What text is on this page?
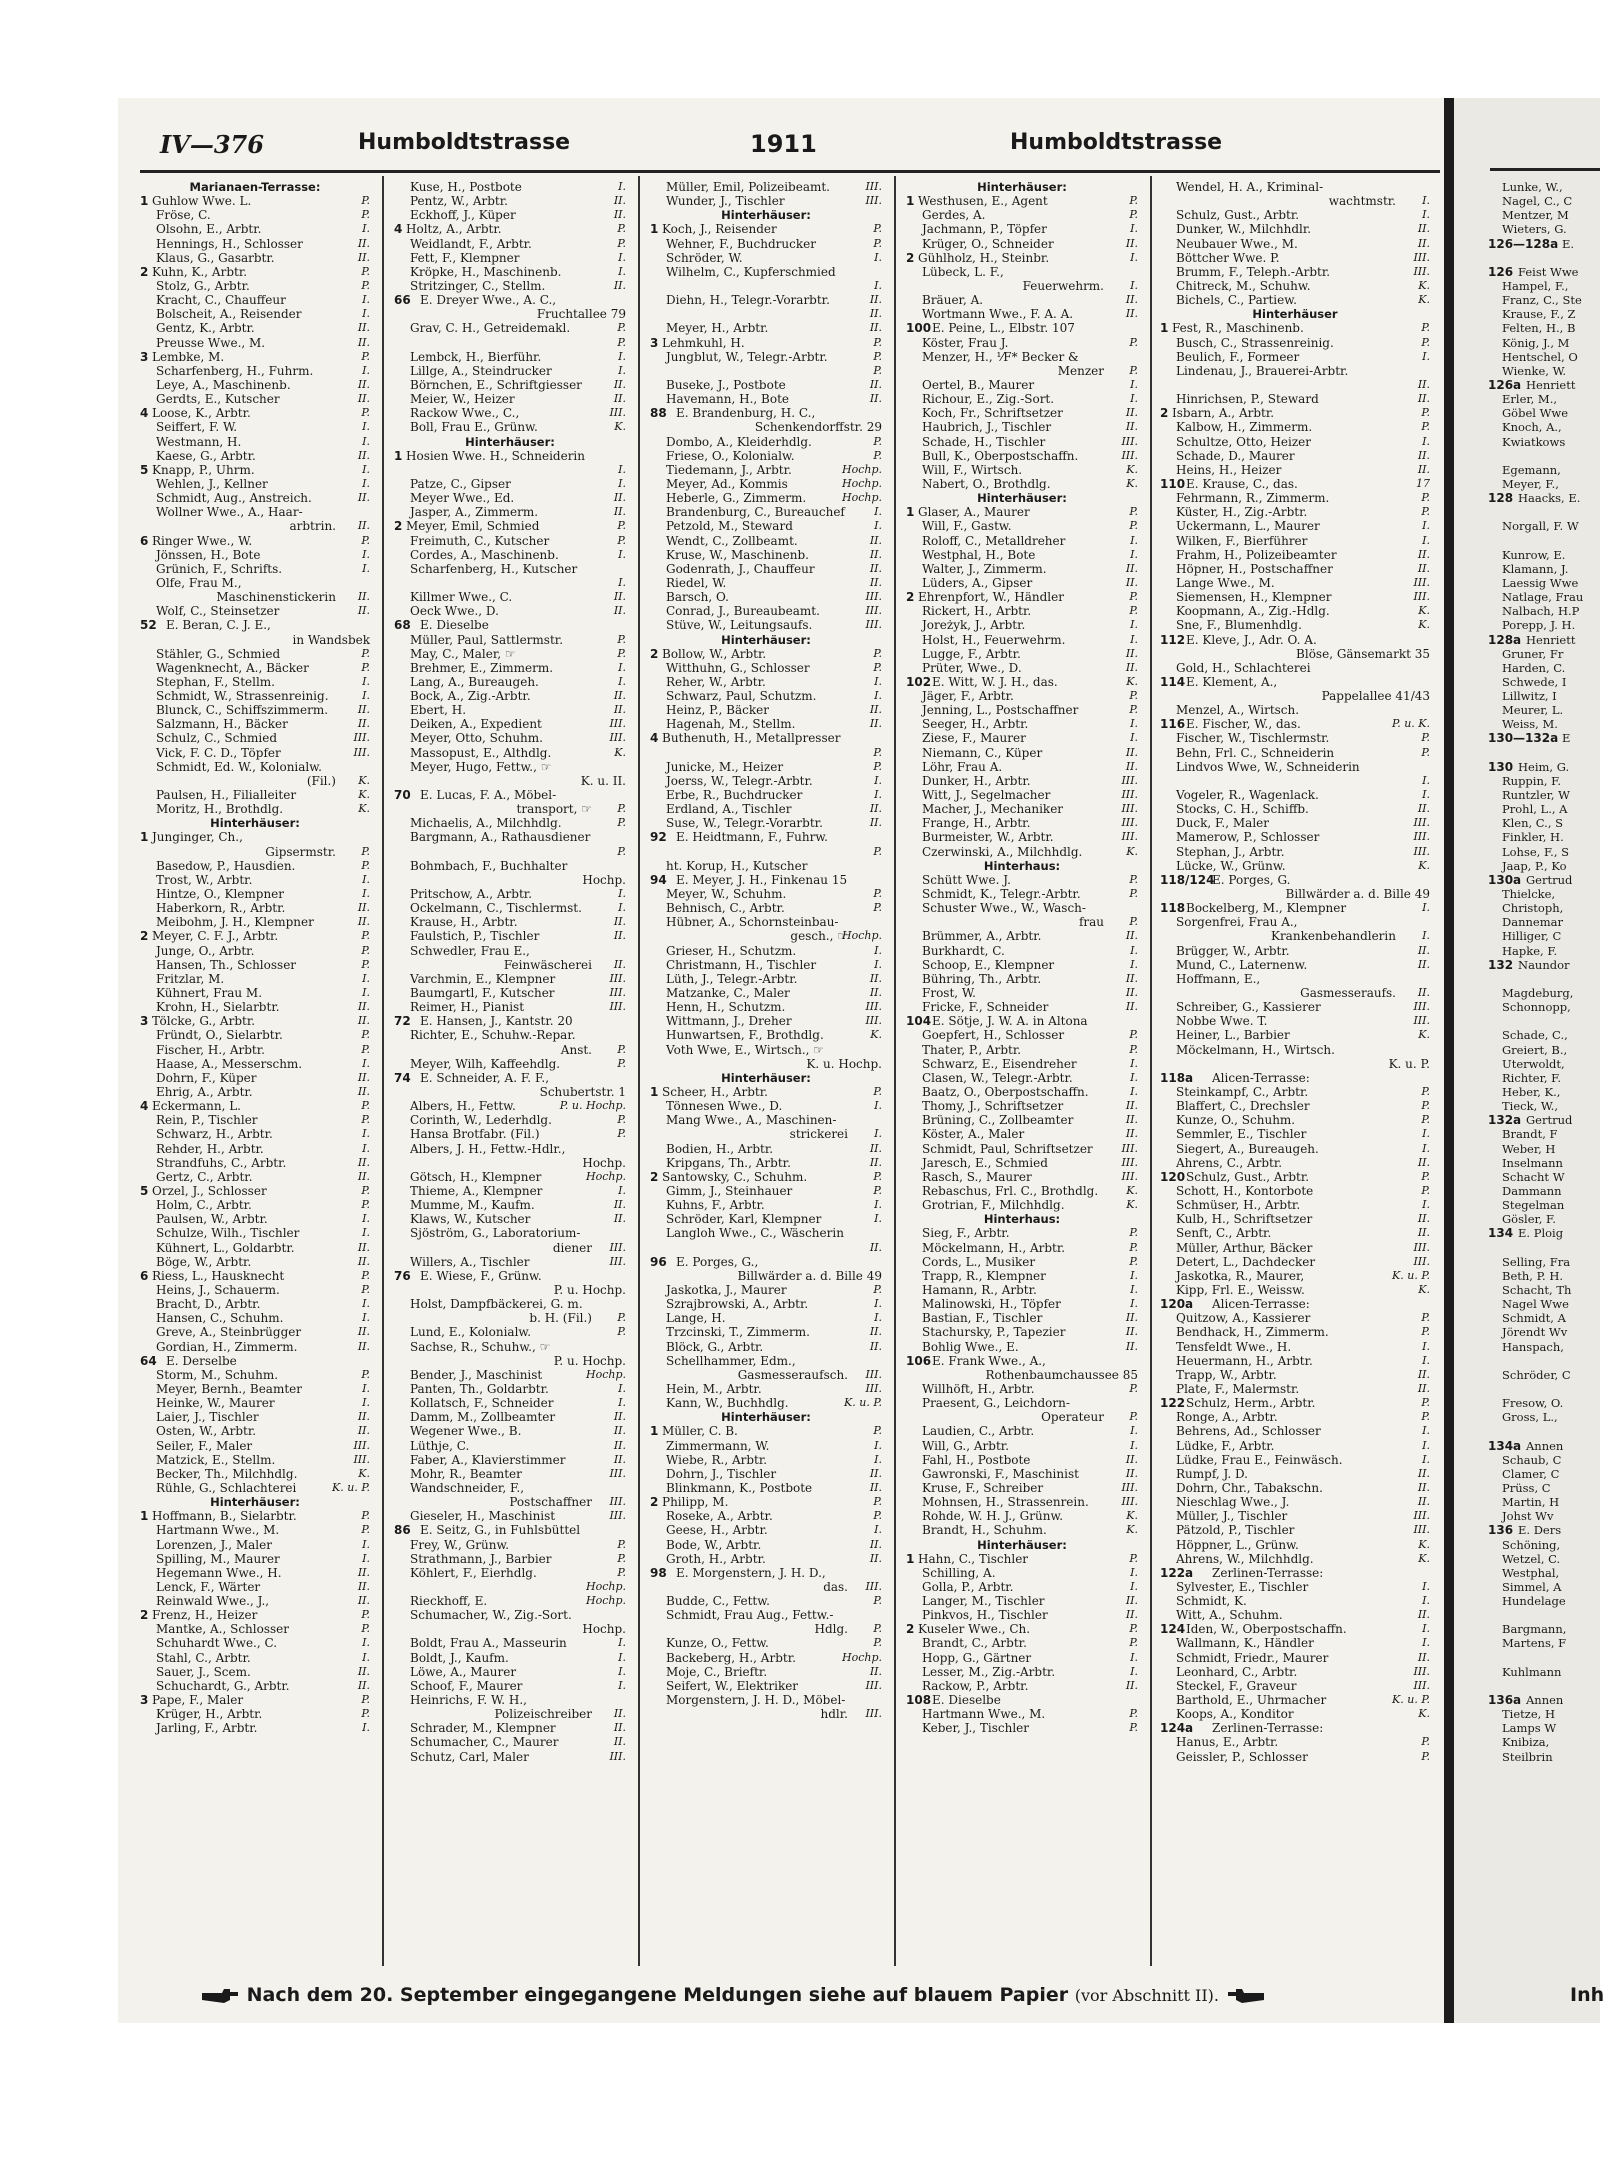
IV—376	Humboldtstrasse	1911	Humboldtstrasse
Marianaen-Terrasse:
1 Guhlow Wwe. L.	P.
Fröse, C.	P.
Olsohn, E., Arbtr.	I.
Hennings, H., Schlosser	II.
Klaus, G., Gasarbtr.	II.
2 Kuhn, K., Arbtr.	P.
Stolz, G., Arbtr.	P.
Kracht, C., Chauffeur	I.
Bolscheit, A., Reisender	I.
Gentz, K., Arbtr.	II.
Preusse Wwe., M.	II.
3 Lembke, M.	P.
Scharfenberg, H., Fuhrm.	I.
Leye, A., Maschinenb.	II.
Gerdts, E., Kutscher	II.
4 Loose, K., Arbtr.	P.
Seiffert, F. W.	I.
Westmann, H.	I.
Kaese, G., Arbtr.	II.
5 Knapp, P., Uhrm.	I.
Wehlen, J., Kellner	I.
Schmidt, Aug., Anstreich.	II.
Wollner Wwe., A., Haar-
arbtrin. II.
6 Ringer Wwe., W.	P.
Jönssen, H., Bote	I.
Grünich, F., Schrifts.	I.
Olfe, Frau M.,
Maschinenstickerin II.
Wolf, C., Steinsetzer	II.
52 E. Beran, C. J. E.,
in Wandsbek
Stähler, G., Schmied	P.
Wagenknecht, A., Bäcker	P.
Stephan, F., Stellm.	I.
Schmidt, W., Strassenreinig.	I.
Blunck, C., Schiffszimmerm.	II.
Salzmann, H., Bäcker	II.
Schulz, C., Schmied	III.
Vick, F. C. D., Töpfer	III.
Schmidt, Ed. W., Kolonialw.
(Fil.) K.
Paulsen, H., Filialleiter	K.
Moritz, H., Brothdlg.	K.
Hinterhäuser:
1 Junginger, Ch.,
Gipsermstr. P.
Basedow, P., Hausdien.	P.
Trost, W., Arbtr.	I.
Hintze, O., Klempner	I.
Haberkorn, R., Arbtr.	II.
Meibohm, J. H., Klempner	II.
2 Meyer, C. F. J., Arbtr.	P.
Junge, O., Arbtr.	P.
Hansen, Th., Schlosser	P.
Fritzlar, M.	I.
Kühnert, Frau M.	I.
Krohn, H., Sielarbtr.	II.
3 Tölcke, G., Arbtr.	II.
Fründt, O., Sielarbtr.	P.
Fischer, H., Arbtr.	P.
Haase, A., Messerschm.	I.
Dohrn, F., Küper	II.
Ehrig, A., Arbtr.	II.
4 Eckermann, L.	P.
Rein, P., Tischler	P.
Schwarz, H., Arbtr.	I.
Rehder, H., Arbtr.	I.
Strandfuhs, C., Arbtr.	II.
Gertz, C., Arbtr.	II.
5 Orzel, J., Schlosser	P.
Holm, C., Arbtr.	P.
Paulsen, W., Arbtr.	I.
Schulze, Wilh., Tischler	I.
Kühnert, L., Goldarbtr.	II.
Böge, W., Arbtr.	II.
6 Riess, L., Hausknecht	P.
Heins, J., Schauerm.	P.
Bracht, D., Arbtr.	I.
Hansen, C., Schuhm.	I.
Greve, A., Steinbrügger	II.
Gordian, H., Zimmerm.	II.
64 E. Derselbe
Storm, M., Schuhm.	P.
Meyer, Bernh., Beamter	I.
Heinke, W., Maurer	I.
Laier, J., Tischler	II.
Osten, W., Arbtr.	II.
Seiler, F., Maler	III.
Matzick, E., Stellm.	III.
Becker, Th., Milchhdlg.	K.
Rühle, G., Schlachterei	K. u. P.
Hinterhäuser:
1 Hoffmann, B., Sielarbtr.	P.
Hartmann Wwe., M.	P.
Lorenzen, J., Maler	I.
Spilling, M., Maurer	I.
Hegemann Wwe., H.	II.
Lenck, F., Wärter	II.
Reinwald Wwe., J.,	II.
2 Frenz, H., Heizer	P.
Mantke, A., Schlosser	P.
Schuhardt Wwe., C.	I.
Stahl, C., Arbtr.	I.
Sauer, J., Scem.	II.
Schuchardt, G., Arbtr.	II.
3 Pape, F., Maler	P.
Krüger, H., Arbtr.	P.
Jarling, F., Arbtr.	I.
Kuse, H., Postbote	I.
Pentz, W., Arbtr.	II.
Eckhoff, J., Küper	II.
4 Holtz, A., Arbtr.	P.
Weidlandt, F., Arbtr.	P.
Fett, F., Klempner	I.
Kröpke, H., Maschinenb.	I.
Stritzinger, C., Stellm.	II.
66 E. Dreyer Wwe., A. C.,
Fruchtallee 79
Grav, C. H., Getreidemakl.	P.
P.
Lembck, H., Bierführ.	I.
Lillge, A., Steindrucker	I.
Börnchen, E., Schriftgiesser	II.
Meier, W., Heizer	II.
Rackow Wwe., C.,	III.
Boll, Frau E., Grünw.	K.
Hinterhäuser:
1 Hosien Wwe. H., Schneiderin
I.
Patze, C., Gipser	I.
Meyer Wwe., Ed.	II.
Jasper, A., Zimmerm.	II.
2 Meyer, Emil, Schmied	P.
Freimuth, C., Kutscher	P.
Cordes, A., Maschinenb.	I.
Scharfenberg, H., Kutscher
I.
Killmer Wwe., C.	II.
Oeck Wwe., D.	II.
68 E. Dieselbe
Müller, Paul, Sattlermstr.	P.
May, C., Maler, ☞	P.
Brehmer, E., Zimmerm.	I.
Lang, A., Bureaugeh.	I.
Bock, A., Zig.-Arbtr.	II.
Ebert, H.	II.
Deiken, A., Expedient	III.
Meyer, Otto, Schuhm.	III.
Massopust, E., Althdlg.	K.
Meyer, Hugo, Fettw., ☞
K. u. II.
70 E. Lucas, F. A., Möbel-
transport, ☞ P.
Michaelis, A., Milchhdlg.	P.
Bargmann, A., Rathausdiener
P.
Bohmbach, F., Buchhalter
Hochp.
Pritschow, A., Arbtr.	I.
Ockelmann, C., Tischlermst.	I.
Krause, H., Arbtr.	II.
Faulstich, P., Tischler	II.
Schwedler, Frau E.,
Feinwäscherei II.
Varchmin, E., Klempner	III.
Baumgartl, F., Kutscher	III.
Reimer, H., Pianist	III.
72 E. Hansen, J., Kantstr. 20
Richter, E., Schuhw.-Repar.
Anst. P.
Meyer, Wilh, Kaffeehdlg.	P.
74 E. Schneider, A. F. F.,
Schubertstr. 1
Albers, H., Fettw.	P. u. Hochp.
Corinth, W., Lederhdlg.	P.
Hansa Brotfabr. (Fil.)	P.
Albers, J. H., Fettw.-Hdlr.,
Hochp.
Götsch, H., Klempner	Hochp.
Thieme, A., Klempner	I.
Mumme, M., Kaufm.	II.
Klaws, W., Kutscher	II.
Sjöström, G., Laboratorium-
diener III.
Willers, A., Tischler	III.
76 E. Wiese, F., Grünw.
P. u. Hochp.
Holst, Dampfbäckerei, G. m.
b. H. (Fil.) P.
Lund, E., Kolonialw.	P.
Sachse, R., Schuhw., ☞
P. u. Hochp.
Bender, J., Maschinist	Hochp.
Panten, Th., Goldarbtr.	I.
Kollatsch, F., Schneider	I.
Damm, M., Zollbeamter	II.
Wegener Wwe., B.	II.
Lüthje, C.	II.
Faber, A., Klavierstimmer	II.
Mohr, R., Beamter	III.
Wandschneider, F.,
Postschaffner III.
Gieseler, H., Maschinist	III.
86 E. Seitz, G., in Fuhlsbüttel
Frey, W., Grünw.	P.
Strathmann, J., Barbier	P.
Köhlert, F., Eierhdlg.	P.
Hochp.
Rieckhoff, E.	Hochp.
Schumacher, W., Zig.-Sort.
Hochp.
Boldt, Frau A., Masseurin	I.
Boldt, J., Kaufm.	I.
Löwe, A., Maurer	I.
Schoof, F., Maurer	I.
Heinrichs, F. W. H.,
Polizeischreiber II.
Schrader, M., Klempner	II.
Schumacher, C., Maurer	II.
Schutz, Carl, Maler	III.
Müller, Emil, Polizeibeamt.	III.
Wunder, J., Tischler	III.
Hinterhäuser:
1 Koch, J., Reisender	P.
Wehner, F., Buchdrucker	P.
Schröder, W.	I.
Wilhelm, C., Kupferschmied
I.
Diehn, H., Telegr.-Vorarbtr.	II.
II.
Meyer, H., Arbtr.	II.
3 Lehmkuhl, H.	P.
Jungblut, W., Telegr.-Arbtr.	P.
P.
Buseke, J., Postbote	II.
Havemann, H., Bote	II.
88 E. Brandenburg, H. C.,
Schenkendorffstr. 29
Dombo, A., Kleiderhdlg.	P.
Friese, O., Kolonialw.	P.
Tiedemann, J., Arbtr.	Hochp.
Meyer, Ad., Kommis	Hochp.
Heberle, G., Zimmerm.	Hochp.
Brandenburg, C., Bureauchef	I.
Petzold, M., Steward	I.
Wendt, C., Zollbeamt.	II.
Kruse, W., Maschinenb.	II.
Godenrath, J., Chauffeur	II.
Riedel, W.	II.
Barsch, O.	III.
Conrad, J., Bureaubeamt.	III.
Stüve, W., Leitungsaufs.	III.
Hinterhäuser:
2 Bollow, W., Arbtr.	P.
Witthuhn, G., Schlosser	P.
Reher, W., Arbtr.	I.
Schwarz, Paul, Schutzm.	I.
Heinz, P., Bäcker	II.
Hagenah, M., Stellm.	II.
4 Buthenuth, H., Metallpresser
P.
Junicke, M., Heizer	P.
Joerss, W., Telegr.-Arbtr.	I.
Erbe, R., Buchdrucker	I.
Erdland, A., Tischler	II.
Suse, W., Telegr.-Vorarbtr.	II.
92 E. Heidtmann, F., Fuhrw.
P.
ht. Korup, H., Kutscher
94 E. Meyer, J. H., Finkenau 15
Meyer, W., Schuhm.	P.
Behnisch, C., Arbtr.	P.
Hübner, A., Schornsteinbau-
gesch., ☞
Hochp.
Grieser, H., Schutzm.	I.
Christmann, H., Tischler	I.
Lüth, J., Telegr.-Arbtr.	II.
Matzanke, C., Maler	II.
Henn, H., Schutzm.	III.
Wittmann, J., Dreher	III.
Hunwartsen, F., Brothdlg.	K.
Voth Wwe, E., Wirtsch., ☞
K. u. Hochp.
Hinterhäuser:
1 Scheer, H., Arbtr.	P.
Tönnesen Wwe., D.	I.
Mang Wwe., A., Maschinen-
strickerei I.
Bodien, H., Arbtr.	II.
Kripgans, Th., Arbtr.	II.
2 Santowsky, C., Schuhm.	P.
Gimm, J., Steinhauer	P.
Kuhns, F., Arbtr.	I.
Schröder, Karl, Klempner	I.
Langloh Wwe., C., Wäscherin
II.
96 E. Porges, G.,
Billwärder a. d. Bille 49
Jaskotka, J., Maurer	P.
Szrajbrowski, A., Arbtr.	I.
Lange, H.	I.
Trzcinski, T., Zimmerm.	II.
Blöck, G., Arbtr.	II.
Schellhammer, Edm.,
Gasmesseraufsch. III.
Hein, M., Arbtr.	III.
Kann, W., Buchhdlg.	K. u. P.
Hinterhäuser:
1 Müller, C. B.	P.
Zimmermann, W.	I.
Wiebe, R., Arbtr.	I.
Dohrn, J., Tischler	II.
Blinkmann, K., Postbote	II.
2 Philipp, M.	P.
Roseke, A., Arbtr.	P.
Geese, H., Arbtr.	I.
Bode, W., Arbtr.	II.
Groth, H., Arbtr.	II.
98 E. Morgenstern, J. H. D.,
das. III.
Budde, C., Fettw.	P.
Schmidt, Frau Aug., Fettw.-
Hdlg. P.
Kunze, O., Fettw.	P.
Backeberg, H., Arbtr.	Hochp.
Moje, C., Brieftr.	II.
Seifert, W., Elektriker	III.
Morgenstern, J. H. D., Möbel-
hdlr. III.
Hinterhäuser:
1 Westhusen, E., Agent	P.
Gerdes, A.	P.
Jachmann, P., Töpfer	I.
Krüger, O., Schneider	II.
2 Gühlholz, H., Steinbr.	I.
Lübeck, L. F.,
Feuerwehrm. I.
Bräuer, A.	II.
Wortmann Wwe., F. A. A.	II.
100 E. Peine, L., Elbstr. 107
Köster, Frau J.	P.
Menzer, H., ⅟F* Becker &
Menzer P.
Oertel, B., Maurer	I.
Richour, E., Zig.-Sort.	I.
Koch, Fr., Schriftsetzer	II.
Haubrich, J., Tischler	II.
Schade, H., Tischler	III.
Bull, K., Oberpostschaffn.	III.
Will, F., Wirtsch.	K.
Nabert, O., Brothdlg.	K.
Hinterhäuser:
1 Glaser, A., Maurer	P.
Will, F., Gastw.	P.
Roloff, C., Metalldreher	I.
Westphal, H., Bote	I.
Walter, J., Zimmerm.	II.
Lüders, A., Gipser	II.
2 Ehrenpfort, W., Händler	P.
Rickert, H., Arbtr.	P.
Joreżyk, J., Arbtr.	I.
Holst, H., Feuerwehrm.	I.
Lugge, F., Arbtr.	II.
Prüter, Wwe., D.	II.
102 E. Witt, W. J. H., das.	K.
Jäger, F., Arbtr.	P.
Jenning, L., Postschaffner	P.
Seeger, H., Arbtr.	I.
Ziese, F., Maurer	I.
Niemann, C., Küper	II.
Löhr, Frau A.	II.
Dunker, H., Arbtr.	III.
Witt, J., Segelmacher	III.
Macher, J., Mechaniker	III.
Frange, H., Arbtr.	III.
Burmeister, W., Arbtr.	III.
Czerwinski, A., Milchhdlg.	K.
Hinterhaus:
Schütt Wwe. J.	P.
Schmidt, K., Telegr.-Arbtr.	P.
Schuster Wwe., W., Wasch-
frau P.
Brümmer, A., Arbtr.	II.
Burkhardt, C.	I.
Schoop, E., Klempner	I.
Bühring, Th., Arbtr.	II.
Frost, W.	II.
Fricke, F., Schneider	II.
104 E. Sötje, J. W. A. in Altona
Goepfert, H., Schlosser	P.
Thater, P., Arbtr.	P.
Schwarz, E., Eisendreher	I.
Clasen, W., Telegr.-Arbtr.	I.
Baatz, O., Oberpostschaffn.	I.
Thomy, J., Schriftsetzer	II.
Brüning, C., Zollbeamter	II.
Köster, A., Maler	II.
Schmidt, Paul, Schriftsetzer	III.
Jaresch, E., Schmied	III.
Rasch, S., Maurer	III.
Rebaschus, Frl. C., Brothdlg.	K.
Grotrian, F., Milchhdlg.	K.
Hinterhaus:
Sieg, F., Arbtr.	P.
Möckelmann, H., Arbtr.	P.
Cords, L., Musiker	P.
Trapp, R., Klempner	I.
Hamann, R., Arbtr.	I.
Malinowski, H., Töpfer	I.
Bastian, F., Tischler	II.
Stachursky, P., Tapezier	II.
Bohlig Wwe., E.	II.
106 E. Frank Wwe., A.,
Rothenbaumchaussee 85
Willhöft, H., Arbtr.	P.
Praesent, G., Leichdorn-
Operateur P.
Laudien, C., Arbtr.	I.
Will, G., Arbtr.	I.
Fahl, H., Postbote	II.
Gawronski, F., Maschinist	II.
Kruse, F., Schreiber	III.
Mohnsen, H., Strassenrein.	III.
Rohde, W. H. J., Grünw.	K.
Brandt, H., Schuhm.	K.
Hinterhäuser:
1 Hahn, C., Tischler	P.
Schilling, A.	I.
Golla, P., Arbtr.	I.
Langer, M., Tischler	II.
Pinkvos, H., Tischler	II.
2 Kuseler Wwe., Ch.	P.
Brandt, C., Arbtr.	P.
Hopp, G., Gärtner	I.
Lesser, M., Zig.-Arbtr.	I.
Rackow, P., Arbtr.	II.
108 E. Dieselbe
Hartmann Wwe., M.	P.
Keber, J., Tischler	P.
Wendel, H. A., Kriminal-
wachtmstr. I.
Schulz, Gust., Arbtr.	I.
Dunker, W., Milchhdlr.	II.
Neubauer Wwe., M.	II.
Böttcher Wwe. P.	III.
Brumm, F., Teleph.-Arbtr.	III.
Chitreck, M., Schuhw.	K.
Bichels, C., Partiew.	K.
Hinterhäuser
1 Fest, R., Maschinenb.	P.
Busch, C., Strassenreinig.	P.
Beulich, F., Formeer	I.
Lindenau, J., Brauerei-Arbtr.
II.
Hinrichsen, P., Steward	II.
2 Isbarn, A., Arbtr.	P.
Kalbow, H., Zimmerm.	P.
Schultze, Otto, Heizer	I.
Schade, D., Maurer	II.
Heins, H., Heizer	II.
110 E. Krause, C., das.	17
Fehrmann, R., Zimmerm.	P.
Küster, H., Zig.-Arbtr.	P.
Uckermann, L., Maurer	I.
Wilken, F., Bierführer	I.
Frahm, H., Polizeibeamter	II.
Höpner, H., Postschaffner	II.
Lange Wwe., M.	III.
Siemensen, H., Klempner	III.
Koopmann, A., Zig.-Hdlg.	K.
Sne, F., Blumenhdlg.	K.
112 E. Kleve, J., Adr. O. A.
Blöse, Gänsemarkt 35
Gold, H., Schlachterei
114 E. Klement, A.,
Pappelallee 41/43
Menzel, A., Wirtsch.
116 E. Fischer, W., das.	P. u. K.
Fischer, W., Tischlermstr.	P.
Behn, Frl. C., Schneiderin	P.
Lindvos Wwe, W., Schneiderin
I.
Vogeler, R., Wagenlack.	I.
Stocks, C. H., Schiffb.	II.
Duck, F., Maler	III.
Mamerow, P., Schlosser	III.
Stephan, J., Arbtr.	III.
Lücke, W., Grünw.	K.
118/124
E. Porges, G.
Billwärder a. d. Bille 49
118 Bockelberg, M., Klempner	I.
Sorgenfrei, Frau A.,
Krankenbehandlerin I.
Brügger, W., Arbtr.	II.
Mund, C., Laternenw.	II.
Hoffmann, E.,
Gasmesseraufs. II.
Schreiber, G., Kassierer	III.
Nobbe Wwe. T.	III.
Heiner, L., Barbier	K.
Möckelmann, H., Wirtsch.
K. u. P.
118a Alicen-Terrasse:
Steinkampf, C., Arbtr.	P.
Blaffert, C., Drechsler	P.
Kunze, O., Schuhm.	P.
Semmler, E., Tischler	I.
Siegert, A., Bureaugeh.	I.
Ahrens, C., Arbtr.	II.
120 Schulz, Gust., Arbtr.	P.
Schott, H., Kontorbote	P.
Schmüser, H., Arbtr.	I.
Kulb, H., Schriftsetzer	II.
Senft, C., Arbtr.	II.
Müller, Arthur, Bäcker	III.
Detert, L., Dachdecker	III.
Jaskotka, R., Maurer,	K. u. P.
Kipp, Frl. E., Weissw.	K.
120a Alicen-Terrasse:
Quitzow, A., Kassierer	P.
Bendhack, H., Zimmerm.	P.
Tensfeldt Wwe., H.	I.
Heuermann, H., Arbtr.	I.
Trapp, W., Arbtr.	II.
Plate, F., Malermstr.	II.
122 Schulz, Herm., Arbtr.	P.
Ronge, A., Arbtr.	P.
Behrens, Ad., Schlosser	I.
Lüdke, F., Arbtr.	I.
Lüdke, Frau E., Feinwäsch.	I.
Rumpf, J. D.	II.
Dohrn, Chr., Tabakschn.	II.
Nieschlag Wwe., J.	II.
Müller, J., Tischler	III.
Pätzold, P., Tischler	III.
Höppner, L., Grünw.	K.
Ahrens, W., Milchhdlg.	K.
122a Zerlinen-Terrasse:
Sylvester, E., Tischler	I.
Schmidt, K.	I.
Witt, A., Schuhm.	II.
124 Iden, W., Oberpostschaffn.	I.
Wallmann, K., Händler	I.
Schmidt, Friedr., Maurer	II.
Leonhard, C., Arbtr.	III.
Steckel, F., Graveur	III.
Barthold, E., Uhrmacher	K. u. P.
Koops, A., Konditor	K.
124a Zerlinen-Terrasse:
Hanus, E., Arbtr.	P.
Geissler, P., Schlosser	P.
Lunke, W.,
Nagel, C., C
Mentzer, M
Wieters, G.
126—128a E.
126 Feist Wwe
Hampel, F.,
Franz, C., Ste
Krause, F., Z
Felten, H., B
König, J., M
Hentschel, O
Wienke, W.
126a Henriett
Erler, M.,
Göbel Wwe
Knoch, A.,
Kwiatkows
Egemann,
Meyer, F.,
128 Haacks, E.
Norgall, F. W
Kunrow, E.
Klamann, J.
Laessig Wwe
Natlage, Frau
Nalbach, H.P
Porepp, J. H.
128a Henriett
Gruner, Fr
Harden, C.
Schwede, I
Lillwitz, I
Meurer, L.
Weiss, M.
130—132a E
130 Heim, G.
Ruppin, F.
Runtzler, W
Prohl, L., A
Klen, C., S
Finkler, H.
Lohse, F., S
Jaap, P., Ko
130a Gertrud
Thielcke,
Christoph,
Dannemar
Hilliger, C
Hapke, F.
132 Naundor
Magdeburg,
Schonnopp,
Schade, C.,
Greiert, B.,
Uterwoldt,
Richter, F.
Heber, K.,
Tieck, W.,
132a Gertrud
Brandt, F
Weber, H
Inselmann
Schacht W
Dammann
Stegelman
Gösler, F.
134 E. Ploig
Selling, Fra
Beth, P. H.
Schacht, Th
Nagel Wwe
Schmidt, A
Jörendt Wv
Hanspach,
Schröder, C
Fresow, O.
Gross, L.,
134a Annen
Schaub, C
Clamer, C
Prüss, C
Martin, H
Johst Wv
136 E. Ders
Schöning,
Wetzel, C.
Westphal,
Simmel, A
Hundelage
Bargmann,
Martens, F
Kuhlmann
136a Annen
Tietze, H
Lamps W
Knibiza,
Steilbrin
Nach dem 20. September eingegangene Meldungen siehe auf blauem Papier (vor Abschnitt II).	Inh
